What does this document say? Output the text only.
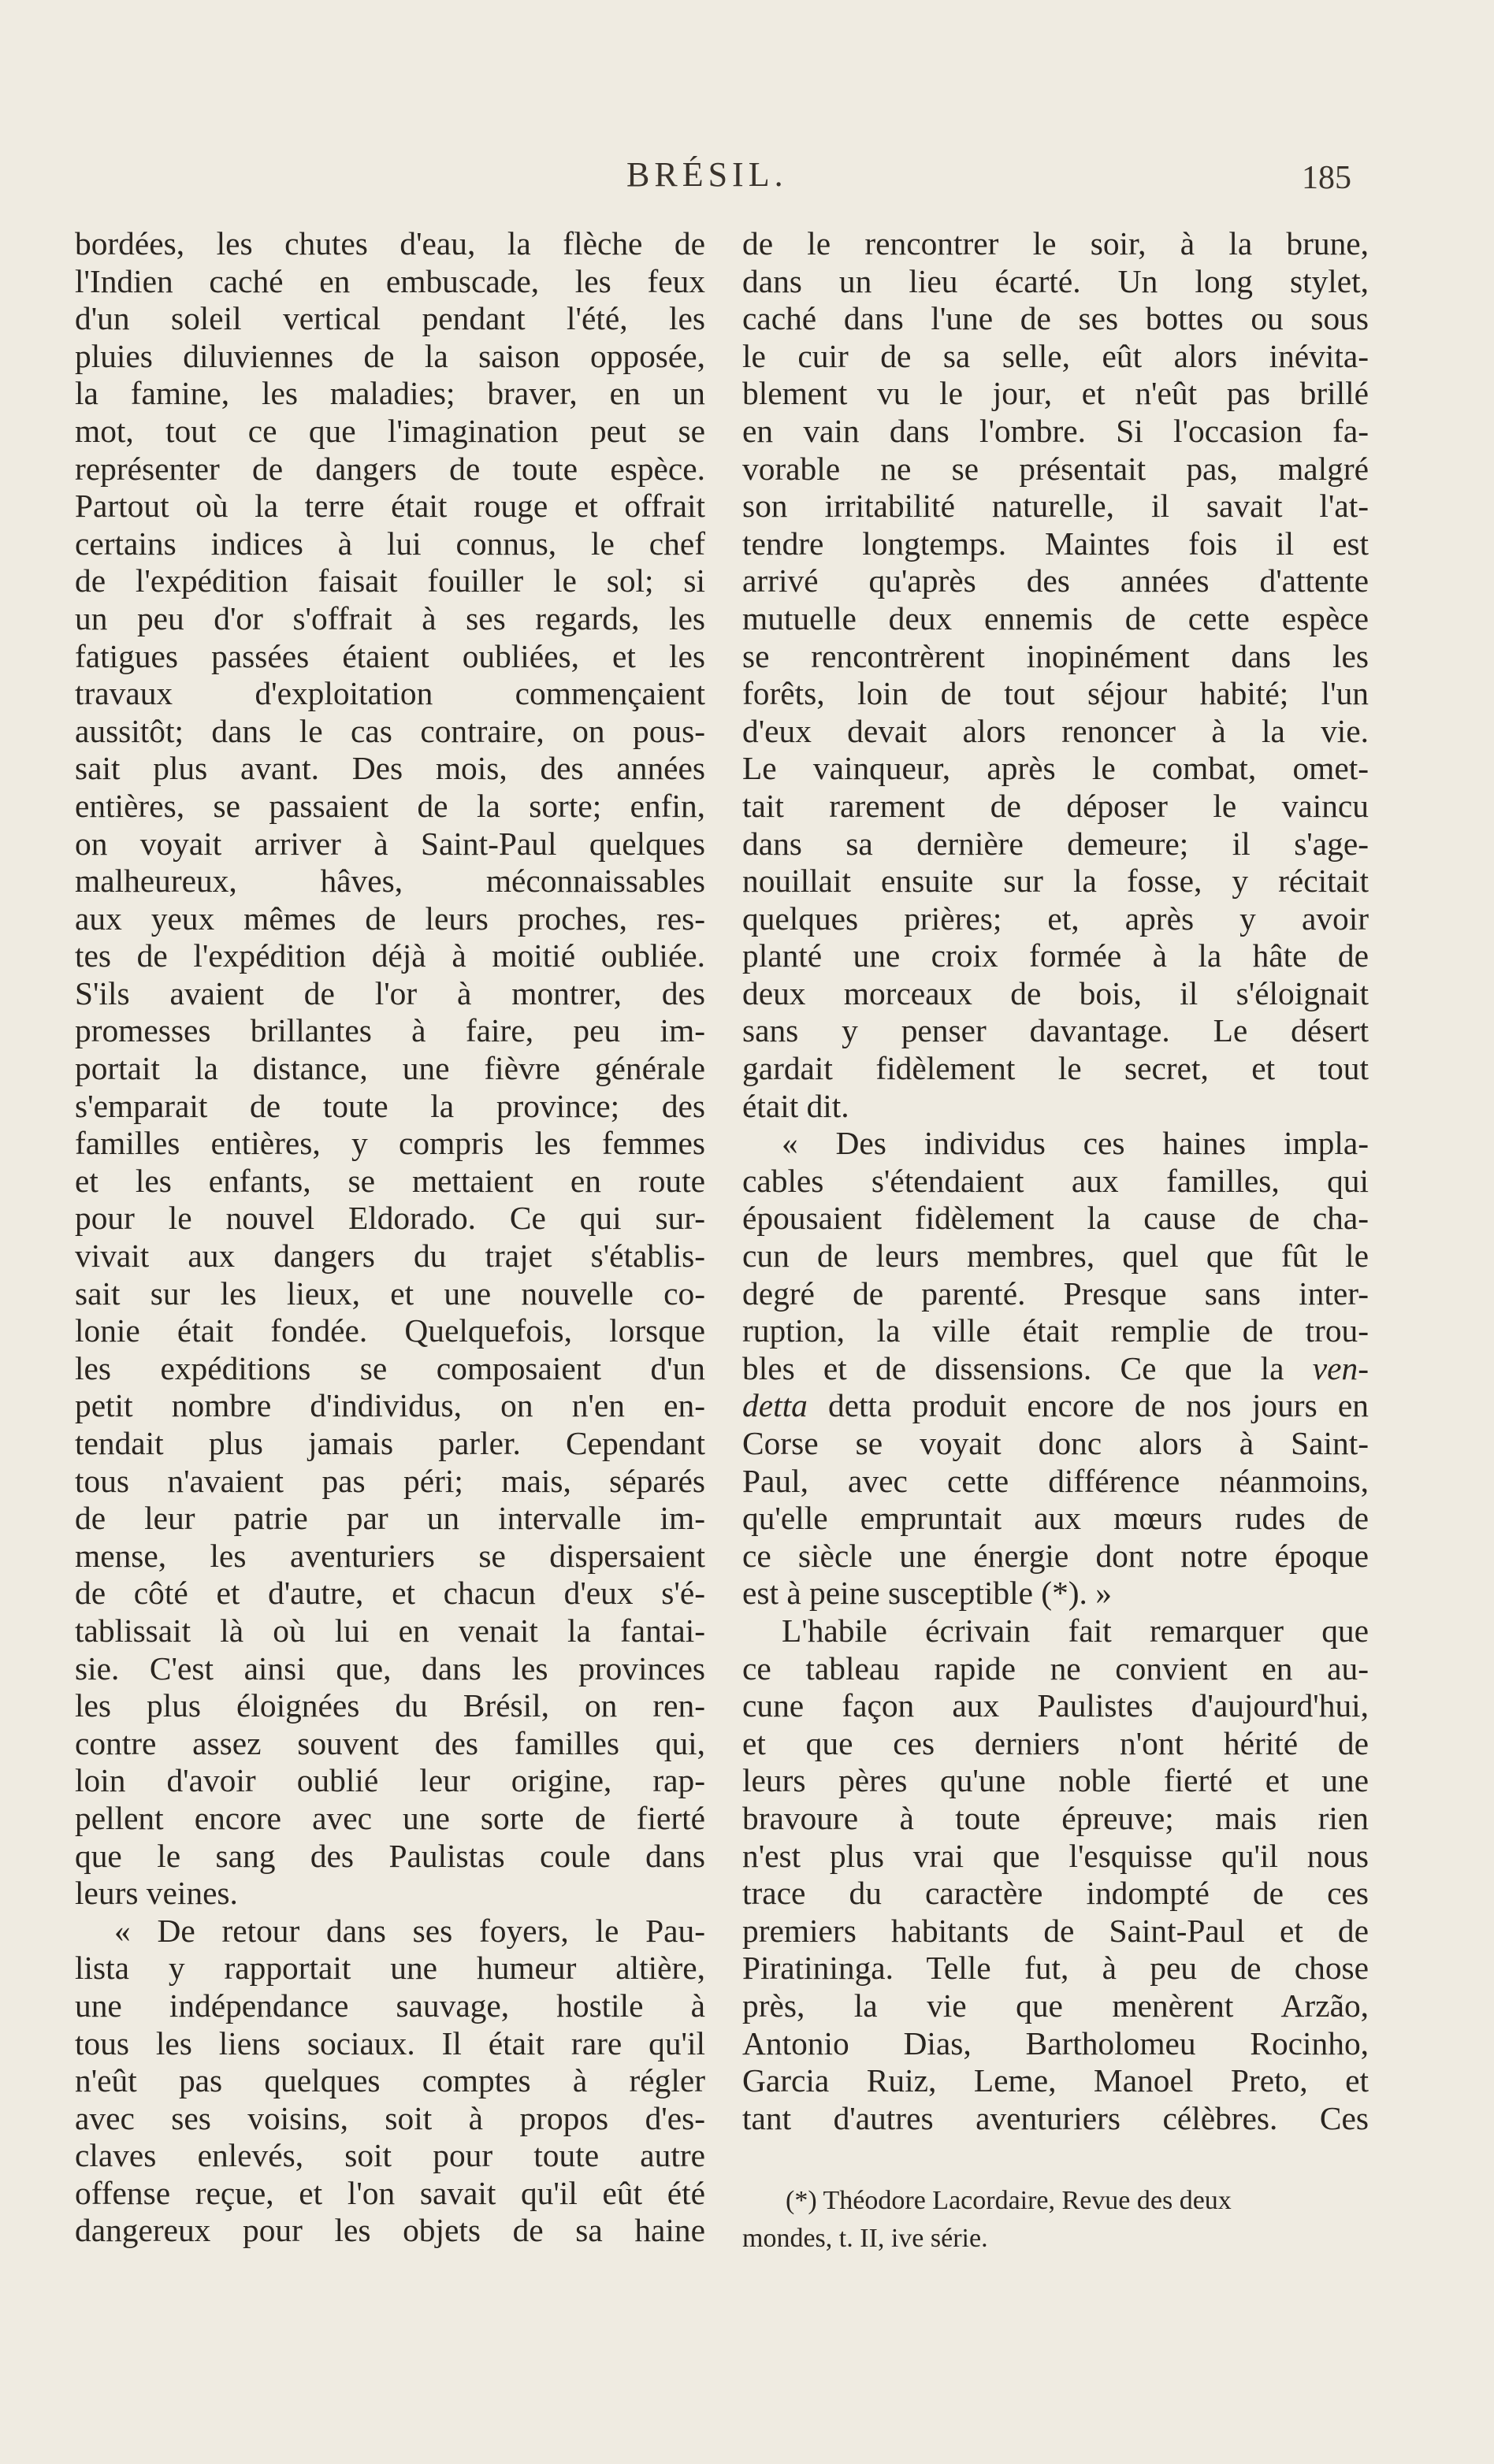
BRÉSIL.	185
bordées, les chutes d'eau, la flèche de
l'Indien caché en embuscade, les feux
d'un soleil vertical pendant l'été, les
pluies diluviennes de la saison opposée,
la famine, les maladies; braver, en un
mot, tout ce que l'imagination peut se
représenter de dangers de toute espèce.
Partout où la terre était rouge et offrait
certains indices à lui connus, le chef
de l'expédition faisait fouiller le sol; si
un peu d'or s'offrait à ses regards, les
fatigues passées étaient oubliées, et les
travaux d'exploitation commençaient
aussitôt; dans le cas contraire, on pous-
sait plus avant. Des mois, des années
entières, se passaient de la sorte; enfin,
on voyait arriver à Saint-Paul quelques
malheureux, hâves, méconnaissables
aux yeux mêmes de leurs proches, res-
tes de l'expédition déjà à moitié oubliée.
S'ils avaient de l'or à montrer, des
promesses brillantes à faire, peu im-
portait la distance, une fièvre générale
s'emparait de toute la province; des
familles entières, y compris les femmes
et les enfants, se mettaient en route
pour le nouvel Eldorado. Ce qui sur-
vivait aux dangers du trajet s'établis-
sait sur les lieux, et une nouvelle co-
lonie était fondée. Quelquefois, lorsque
les expéditions se composaient d'un
petit nombre d'individus, on n'en en-
tendait plus jamais parler. Cependant
tous n'avaient pas péri; mais, séparés
de leur patrie par un intervalle im-
mense, les aventuriers se dispersaient
de côté et d'autre, et chacun d'eux s'é-
tablissait là où lui en venait la fantai-
sie. C'est ainsi que, dans les provinces
les plus éloignées du Brésil, on ren-
contre assez souvent des familles qui,
loin d'avoir oublié leur origine, rap-
pellent encore avec une sorte de fierté
que le sang des Paulistas coule dans
leurs veines.
« De retour dans ses foyers, le Pau-
lista y rapportait une humeur altière,
une indépendance sauvage, hostile à
tous les liens sociaux. Il était rare qu'il
n'eût pas quelques comptes à régler
avec ses voisins, soit à propos d'es-
claves enlevés, soit pour toute autre
offense reçue, et l'on savait qu'il eût été
dangereux pour les objets de sa haine
de le rencontrer le soir, à la brune,
dans un lieu écarté. Un long stylet,
caché dans l'une de ses bottes ou sous
le cuir de sa selle, eût alors inévita-
blement vu le jour, et n'eût pas brillé
en vain dans l'ombre. Si l'occasion fa-
vorable ne se présentait pas, malgré
son irritabilité naturelle, il savait l'at-
tendre longtemps. Maintes fois il est
arrivé qu'après des années d'attente
mutuelle deux ennemis de cette espèce
se rencontrèrent inopinément dans les
forêts, loin de tout séjour habité; l'un
d'eux devait alors renoncer à la vie.
Le vainqueur, après le combat, omet-
tait rarement de déposer le vaincu
dans sa dernière demeure; il s'age-
nouillait ensuite sur la fosse, y récitait
quelques prières; et, après y avoir
planté une croix formée à la hâte de
deux morceaux de bois, il s'éloignait
sans y penser davantage. Le désert
gardait fidèlement le secret, et tout
était dit.
« Des individus ces haines impla-
cables s'étendaient aux familles, qui
épousaient fidèlement la cause de cha-
cun de leurs membres, quel que fût le
degré de parenté. Presque sans inter-
ruption, la ville était remplie de trou-
bles et de dissensions. Ce que la ven-
detta detta produit encore de nos jours en
Corse se voyait donc alors à Saint-
Paul, avec cette différence néanmoins,
qu'elle empruntait aux mœurs rudes de
ce siècle une énergie dont notre époque
est à peine susceptible (*). »
L'habile écrivain fait remarquer que
ce tableau rapide ne convient en au-
cune façon aux Paulistes d'aujourd'hui,
et que ces derniers n'ont hérité de
leurs pères qu'une noble fierté et une
bravoure à toute épreuve; mais rien
n'est plus vrai que l'esquisse qu'il nous
trace du caractère indompté de ces
premiers habitants de Saint-Paul et de
Piratininga. Telle fut, à peu de chose
près, la vie que menèrent Arzão,
Antonio Dias, Bartholomeu Rocinho,
Garcia Ruiz, Leme, Manoel Preto, et
tant d'autres aventuriers célèbres. Ces
(*) Théodore Lacordaire, Revue des deux
mondes, t. II, ive série.
